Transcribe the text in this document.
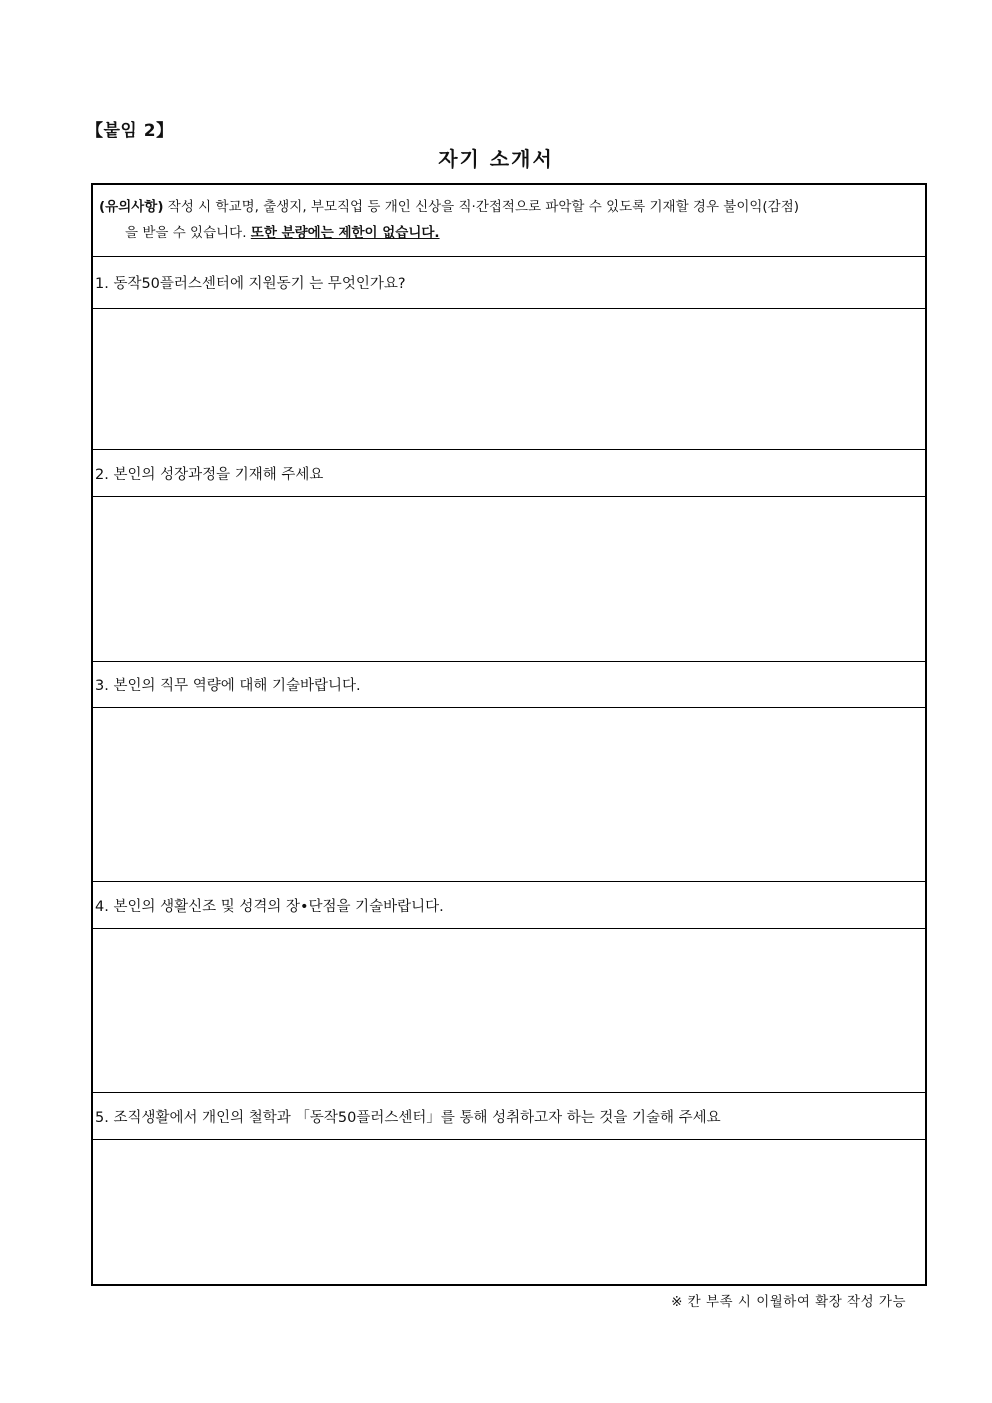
【붙임 2】
자기 소개서
(유의사항) 작성 시 학교명, 출생지, 부모직업 등 개인 신상을 직·간접적으로 파악할 수 있도록 기재할 경우 불이익(감점)
을 받을 수 있습니다. 또한 분량에는 제한이 없습니다.
1. 동작50플러스센터에 지원동기 는 무엇인가요?
2. 본인의 성장과정을 기재해 주세요
3. 본인의 직무 역량에 대해 기술바랍니다.
4. 본인의 생활신조 및 성격의 장•단점을 기술바랍니다.
5. 조직생활에서 개인의 철학과 「동작50플러스센터」를 통해 성취하고자 하는 것을 기술해 주세요
※ 칸 부족 시 이월하여 확장 작성 가능
